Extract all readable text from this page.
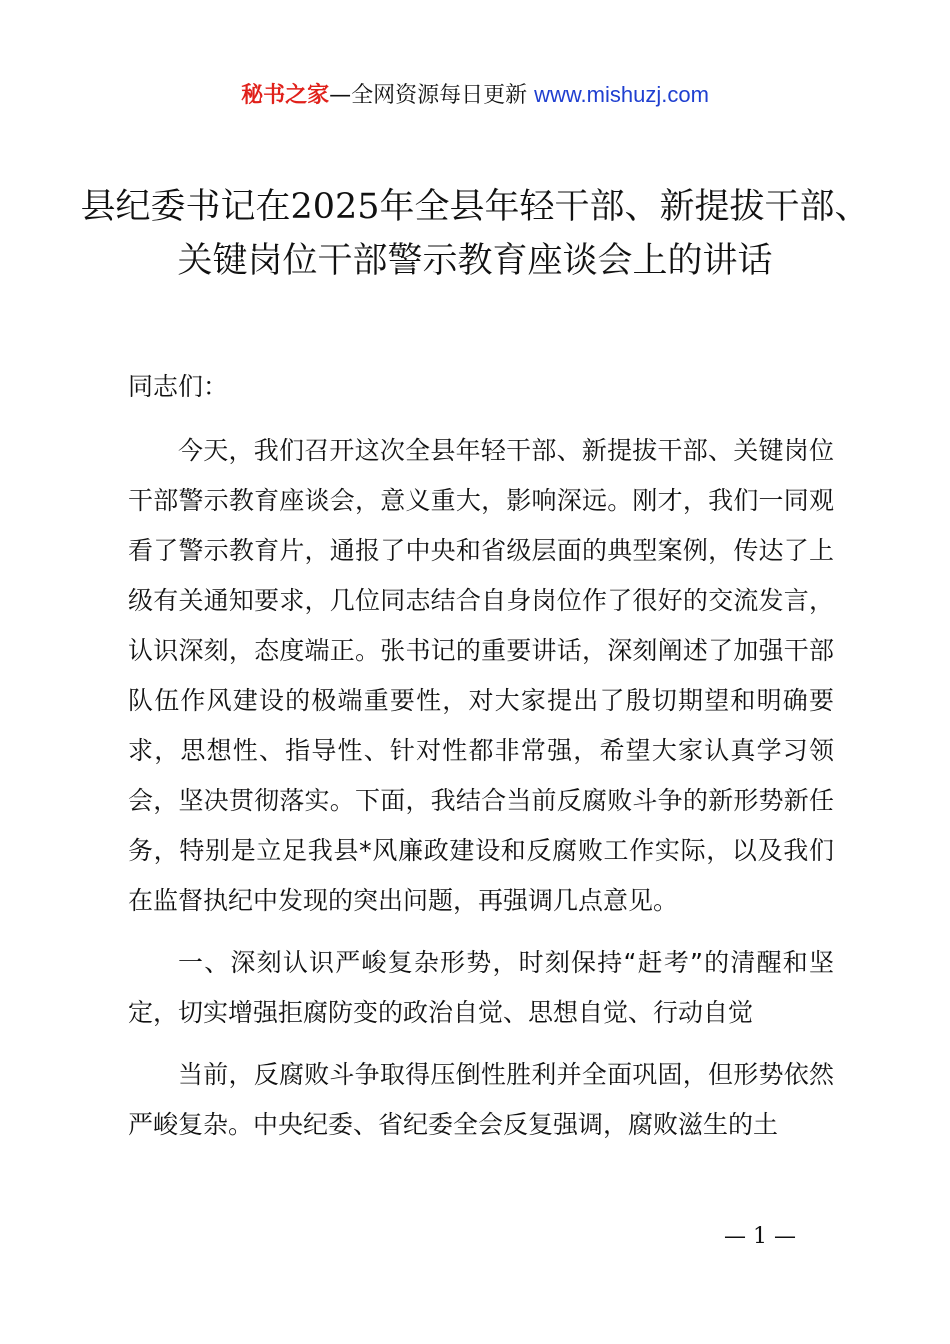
秘书之家—全网资源每日更新 www.mishuzj.com
县纪委书记在2025年全县年轻干部、新提拔干部、关键岗位干部警示教育座谈会上的讲话

同志们：

今天，我们召开这次全县年轻干部、新提拔干部、关键岗位干部警示教育座谈会，意义重大，影响深远。刚才，我们一同观看了警示教育片，通报了中央和省级层面的典型案例，传达了上级有关通知要求，几位同志结合自身岗位作了很好的交流发言，认识深刻，态度端正。张书记的重要讲话，深刻阐述了加强干部队伍作风建设的极端重要性，对大家提出了殷切期望和明确要求，思想性、指导性、针对性都非常强，希望大家认真学习领会，坚决贯彻落实。下面，我结合当前反腐败斗争的新形势新任务，特别是立足我县*风廉政建设和反腐败工作实际，以及我们在监督执纪中发现的突出问题，再强调几点意见。

一、深刻认识严峻复杂形势，时刻保持“赶考”的清醒和坚定，切实增强拒腐防变的政治自觉、思想自觉、行动自觉

当前，反腐败斗争取得压倒性胜利并全面巩固，但形势依然严峻复杂。中央纪委、省纪委全会反复强调，腐败滋生的土

— 1 —
